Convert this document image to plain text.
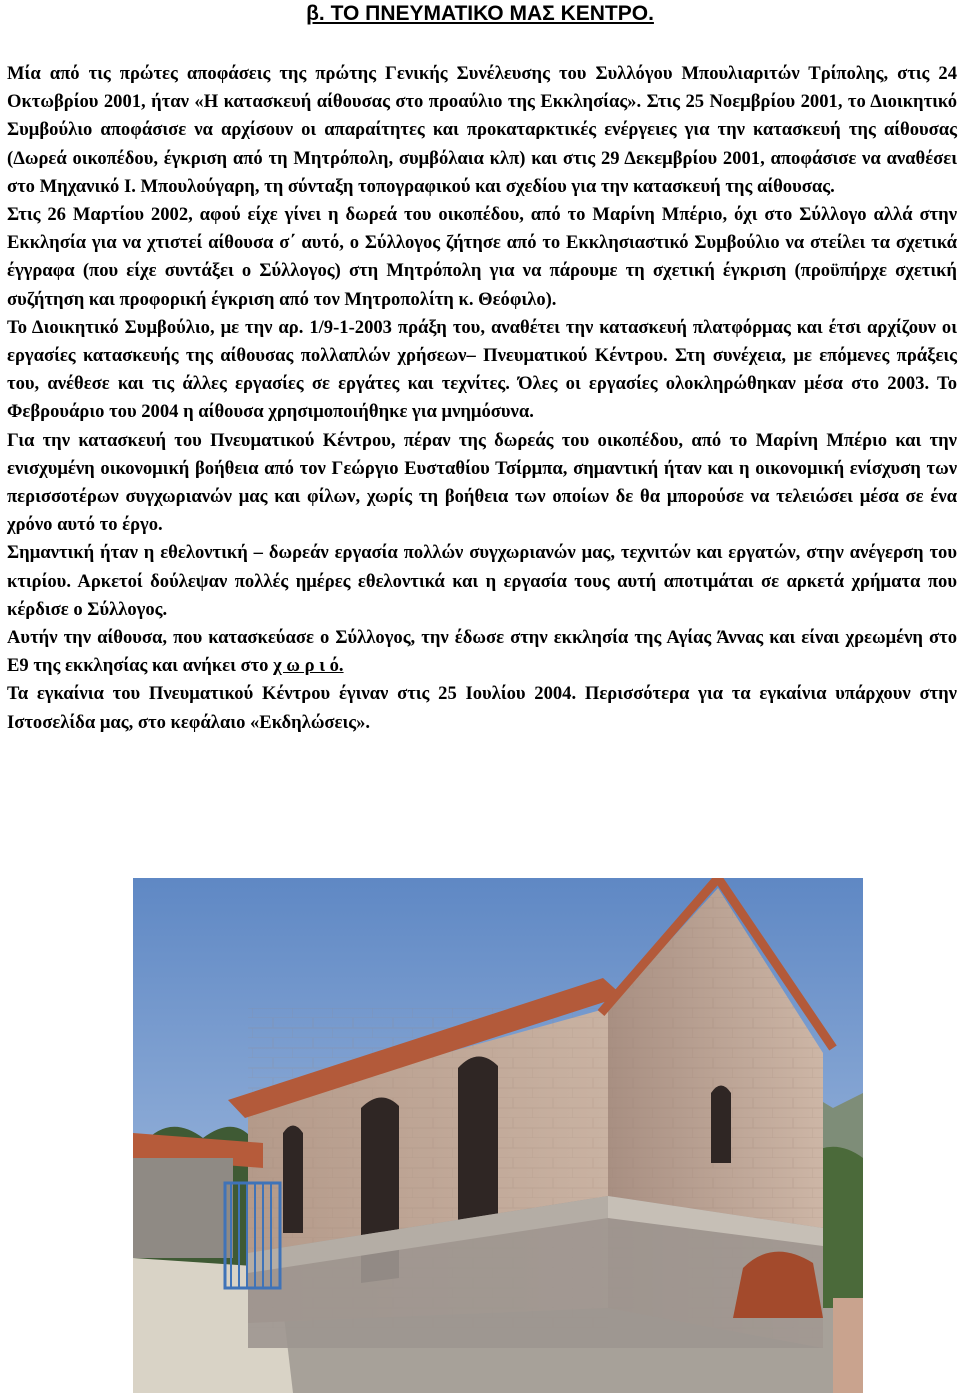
β. ΤΟ ΠΝΕΥΜΑΤΙΚΟ ΜΑΣ ΚΕΝΤΡΟ.

Μία από τις πρώτες αποφάσεις της πρώτης Γενικής Συνέλευσης του Συλλόγου Μπουλιαριτών Τρίπολης, στις 24 Οκτωβρίου 2001, ήταν «Η κατασκευή αίθουσας στο προαύλιο της Εκκλησίας». Στις 25 Νοεμβρίου 2001, το Διοικητικό Συμβούλιο αποφάσισε να αρχίσουν οι απαραίτητες και προκαταρκτικές ενέργειες για την κατασκευή της αίθουσας (Δωρεά οικοπέδου, έγκριση από τη Μητρόπολη, συμβόλαια κλπ) και στις 29 Δεκεμβρίου 2001, αποφάσισε να αναθέσει στο Μηχανικό Ι. Μπουλούγαρη, τη σύνταξη τοπογραφικού και σχεδίου για την κατασκευή της αίθουσας.

Στις 26 Μαρτίου 2002, αφού είχε γίνει η δωρεά του οικοπέδου, από το Μαρίνη Μπέριο, όχι στο Σύλλογο αλλά στην Εκκλησία για να χτιστεί αίθουσα σ΄ αυτό, ο Σύλλογος ζήτησε από το Εκκλησιαστικό Συμβούλιο να στείλει τα σχετικά έγγραφα (που είχε συντάξει ο Σύλλογος) στη Μητρόπολη για να πάρουμε τη σχετική έγκριση (προϋπήρχε σχετική συζήτηση και προφορική έγκριση από τον Μητροπολίτη κ. Θεόφιλο).

Το Διοικητικό Συμβούλιο, με την αρ. 1/9-1-2003 πράξη του, αναθέτει την κατασκευή πλατφόρμας και έτσι αρχίζουν οι εργασίες κατασκευής της αίθουσας πολλαπλών χρήσεων– Πνευματικού Κέντρου. Στη συνέχεια, με επόμενες πράξεις του, ανέθεσε και τις άλλες εργασίες σε εργάτες και τεχνίτες. Όλες οι εργασίες ολοκληρώθηκαν μέσα στο 2003. Το Φεβρουάριο του 2004 η αίθουσα χρησιμοποιήθηκε για μνημόσυνα.

Για την κατασκευή του Πνευματικού Κέντρου, πέραν της δωρεάς του οικοπέδου, από το Μαρίνη Μπέριο και την ενισχυμένη οικονομική βοήθεια από τον Γεώργιο Ευσταθίου Τσίρμπα, σημαντική ήταν και η οικονομική ενίσχυση των περισσοτέρων συγχωριανών μας και φίλων, χωρίς τη βοήθεια των οποίων δε θα μπορούσε να τελειώσει μέσα σε ένα χρόνο αυτό το έργο.

Σημαντική ήταν η εθελοντική – δωρεάν εργασία πολλών συγχωριανών μας, τεχνιτών και εργατών, στην ανέγερση του κτιρίου. Αρκετοί δούλεψαν πολλές ημέρες εθελοντικά και η εργασία τους αυτή αποτιμάται σε αρκετά χρήματα που κέρδισε ο Σύλλογος.

Αυτήν την αίθουσα, που κατασκεύασε ο Σύλλογος, την έδωσε στην εκκλησία της Αγίας Άννας και είναι χρεωμένη στο Ε9 της εκκλησίας και ανήκει στο χ ω ρ ι ό.

Τα εγκαίνια του Πνευματικού Κέντρου έγιναν στις 25 Ιουλίου 2004. Περισσότερα για τα εγκαίνια υπάρχουν στην Ιστοσελίδα μας, στο κεφάλαιο «Εκδηλώσεις».
